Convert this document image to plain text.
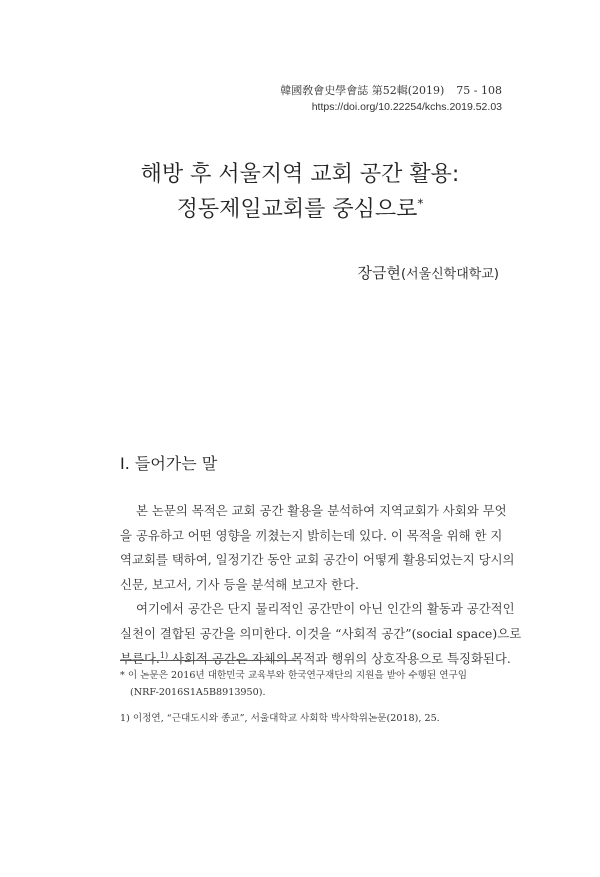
韓國敎會史學會誌 第52輯(2019) 75 - 108
https://doi.org/10.22254/kchs.2019.52.03
해방 후 서울지역 교회 공간 활용:
정동제일교회를 중심으로*
장금현(서울신학대학교)
I. 들어가는 말
본 논문의 목적은 교회 공간 활용을 분석하여 지역교회가 사회와 무엇
을 공유하고 어떤 영향을 끼쳤는지 밝히는데 있다. 이 목적을 위해 한 지
역교회를 택하여, 일정기간 동안 교회 공간이 어떻게 활용되었는지 당시의
신문, 보고서, 기사 등을 분석해 보고자 한다.
여기에서 공간은 단지 물리적인 공간만이 아닌 인간의 활동과 공간적인
실천이 결합된 공간을 의미한다. 이것을 “사회적 공간”(social space)으로
부른다.$^{1)}$ 사회적 공간은 자체의 목적과 행위의 상호작용으로 특징화된다.
* 이 논문은 2016년 대한민국 교육부와 한국연구재단의 지원을 받아 수행된 연구임
(NRF-2016S1A5B8913950).
1) 이정연, “근대도시와 종교”, 서울대학교 사회학 박사학위논문(2018), 25.
